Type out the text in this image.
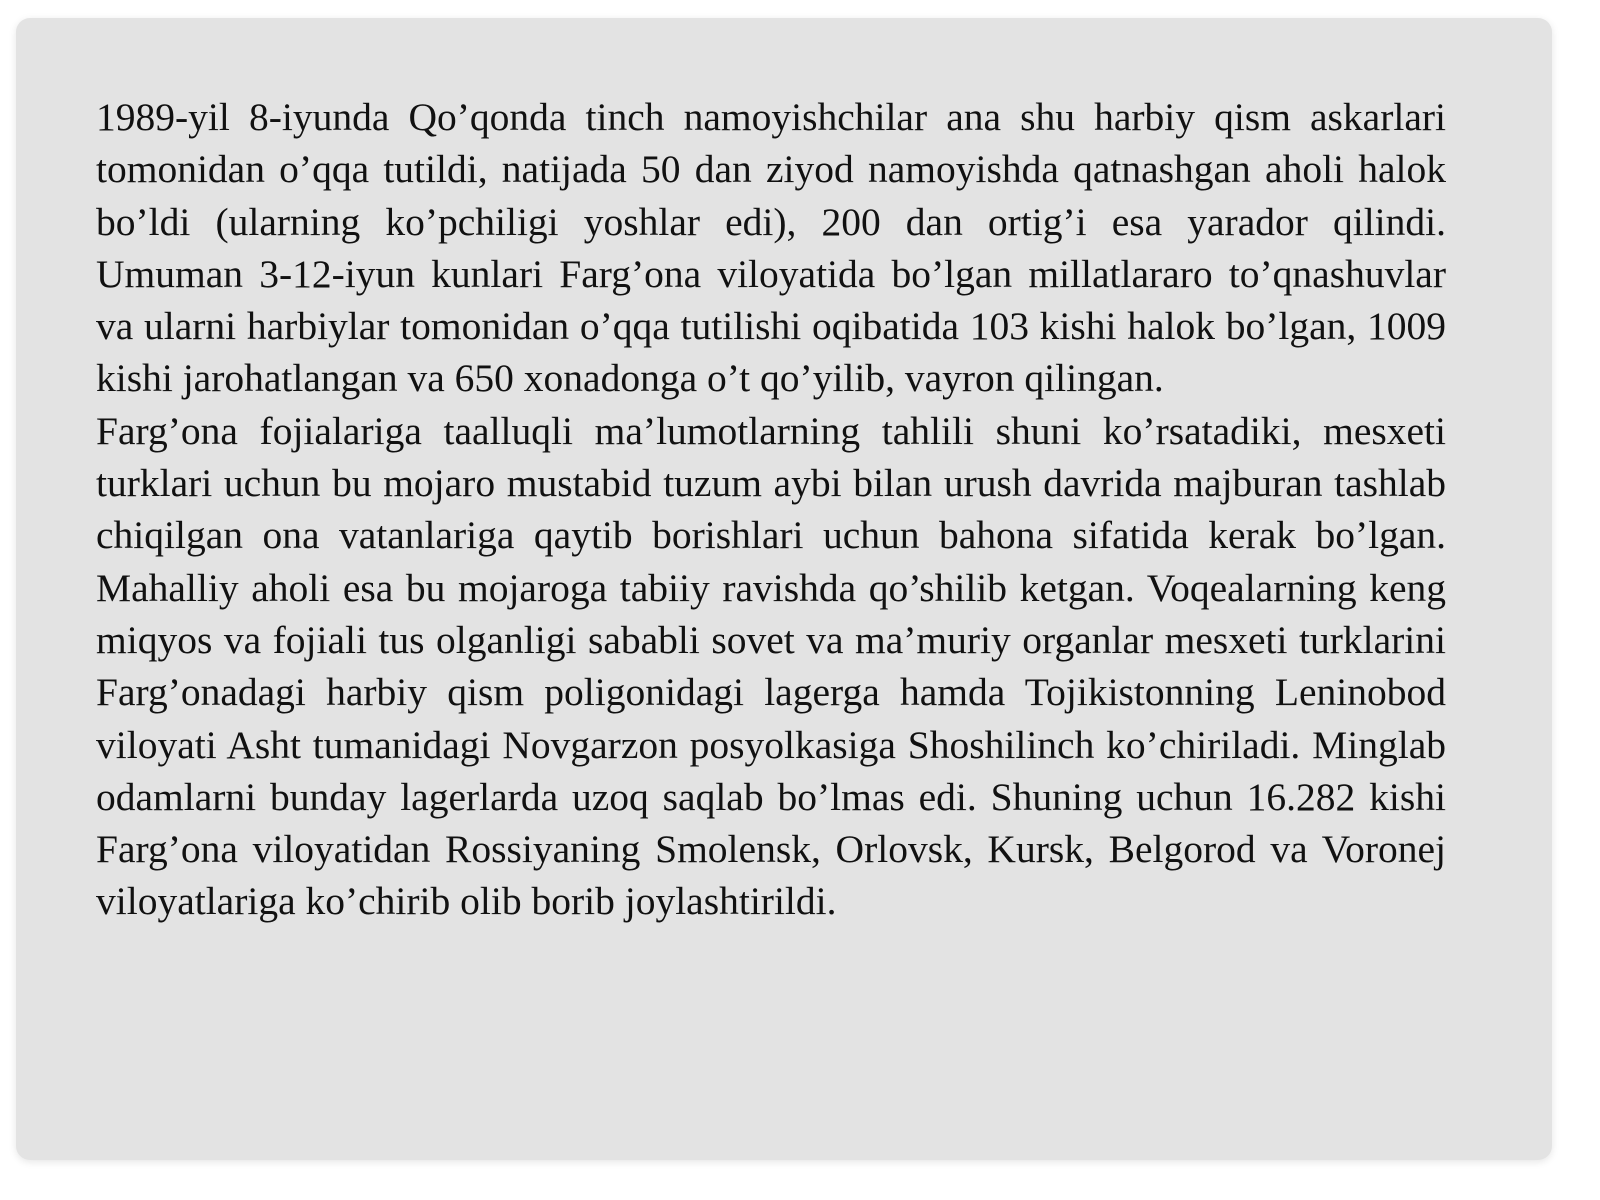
1989-yil 8-iyunda Qo’qonda tinch namoyishchilar ana shu harbiy qism askarlari tomonidan o’qqa tutildi, natijada 50 dan ziyod namoyishda qatnashgan aholi halok bo’ldi (ularning ko’pchiligi yoshlar edi), 200 dan ortig’i esa yarador qilindi. Umuman 3-12-iyun kunlari Farg’ona viloyatida bo’lgan millatlararo to’qnashuvlar va ularni harbiylar tomonidan o’qqa tutilishi oqibatida 103 kishi halok bo’lgan, 1009 kishi jarohatlangan va 650 xonadonga o’t qo’yilib, vayron qilingan.

Farg’ona fojialariga taalluqli ma’lumotlarning tahlili shuni ko’rsatadiki, mesxeti turklari uchun bu mojaro mustabid tuzum aybi bilan urush davrida majburan tashlab chiqilgan ona vatanlariga qaytib borishlari uchun bahona sifatida kerak bo’lgan. Mahalliy aholi esa bu mojaroga tabiiy ravishda qo’shilib ketgan. Voqealarning keng miqyos va fojiali tus olganligi sababli sovet va ma’muriy organlar mesxeti turklarini Farg’onadagi harbiy qism poligonidagi lagerga hamda Tojikistonning Leninobod viloyati Asht tumanidagi Novgarzon posyolkasiga Shoshilinch ko’chiriladi. Minglab odamlarni bunday lagerlarda uzoq saqlab bo’lmas edi. Shuning uchun 16.282 kishi Farg’ona viloyatidan Rossiyaning Smolensk, Orlovsk, Kursk, Belgorod va Voronej viloyatlariga ko’chirib olib borib joylashtirildi.
